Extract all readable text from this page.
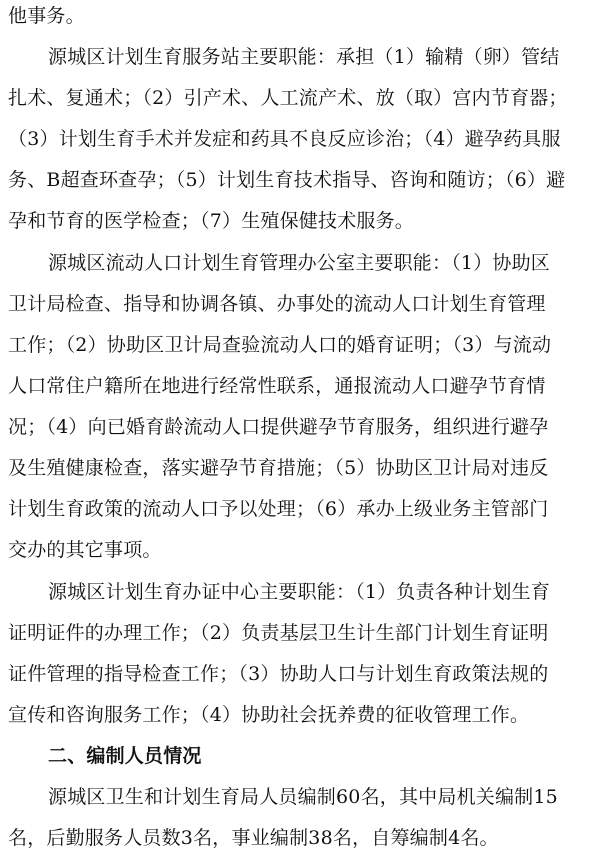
他事务。
源城区计划生育服务站主要职能：承担（1）输精（卵）管结
扎术、复通术；（2）引产术、人工流产术、放（取）宫内节育器；
（3）计划生育手术并发症和药具不良反应诊治；（4）避孕药具服
务、B超查环查孕；（5）计划生育技术指导、咨询和随访；（6）避
孕和节育的医学检查；（7）生殖保健技术服务。
源城区流动人口计划生育管理办公室主要职能：（1）协助区
卫计局检查、指导和协调各镇、办事处的流动人口计划生育管理
工作；（2）协助区卫计局查验流动人口的婚育证明；（3）与流动
人口常住户籍所在地进行经常性联系，通报流动人口避孕节育情
况；（4）向已婚育龄流动人口提供避孕节育服务，组织进行避孕
及生殖健康检查，落实避孕节育措施；（5）协助区卫计局对违反
计划生育政策的流动人口予以处理；（6）承办上级业务主管部门
交办的其它事项。
源城区计划生育办证中心主要职能：（1）负责各种计划生育
证明证件的办理工作；（2）负责基层卫生计生部门计划生育证明
证件管理的指导检查工作；（3）协助人口与计划生育政策法规的
宣传和咨询服务工作；（4）协助社会抚养费的征收管理工作。
二、编制人员情况
源城区卫生和计划生育局人员编制60名，其中局机关编制15
名，后勤服务人员数3名，事业编制38名，自筹编制4名。
